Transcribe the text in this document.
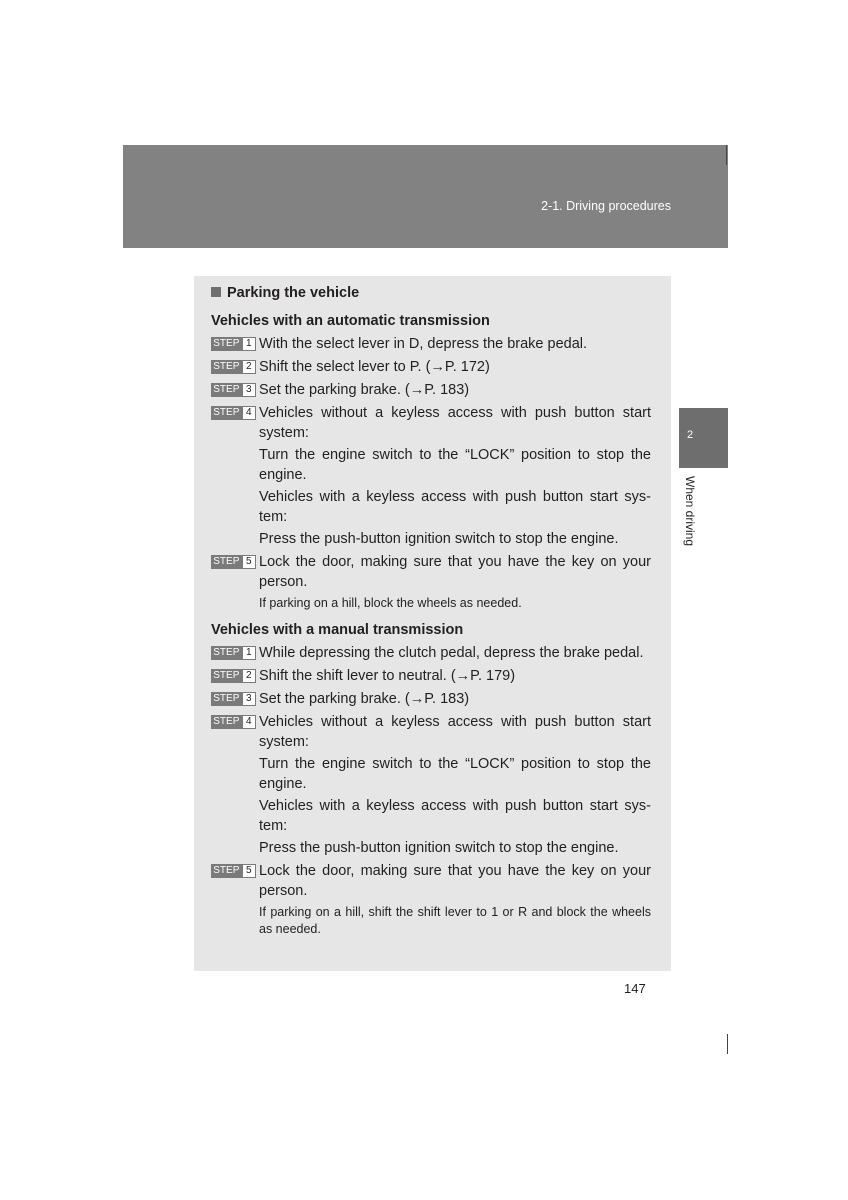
2-1. Driving procedures
2
When driving
Parking the vehicle
Vehicles with an automatic transmission
STEP 1 With the select lever in D, depress the brake pedal.

STEP 2 Shift the select lever to P. (→P. 172)

STEP 3 Set the parking brake. (→P. 183)

STEP 4 Vehicles without a keyless access with push button start system:

Turn the engine switch to the “LOCK” position to stop the engine.

Vehicles with a keyless access with push button start sys-tem:

Press the push-button ignition switch to stop the engine.

STEP 5 Lock the door, making sure that you have the key on your person.

If parking on a hill, block the wheels as needed.
Vehicles with a manual transmission
STEP 1 While depressing the clutch pedal, depress the brake pedal.

STEP 2 Shift the shift lever to neutral. (→P. 179)

STEP 3 Set the parking brake. (→P. 183)

STEP 4 Vehicles without a keyless access with push button start system:

Turn the engine switch to the “LOCK” position to stop the engine.

Vehicles with a keyless access with push button start sys-tem:

Press the push-button ignition switch to stop the engine.

STEP 5 Lock the door, making sure that you have the key on your person.

If parking on a hill, shift the shift lever to 1 or R and block the wheels as needed.
147
